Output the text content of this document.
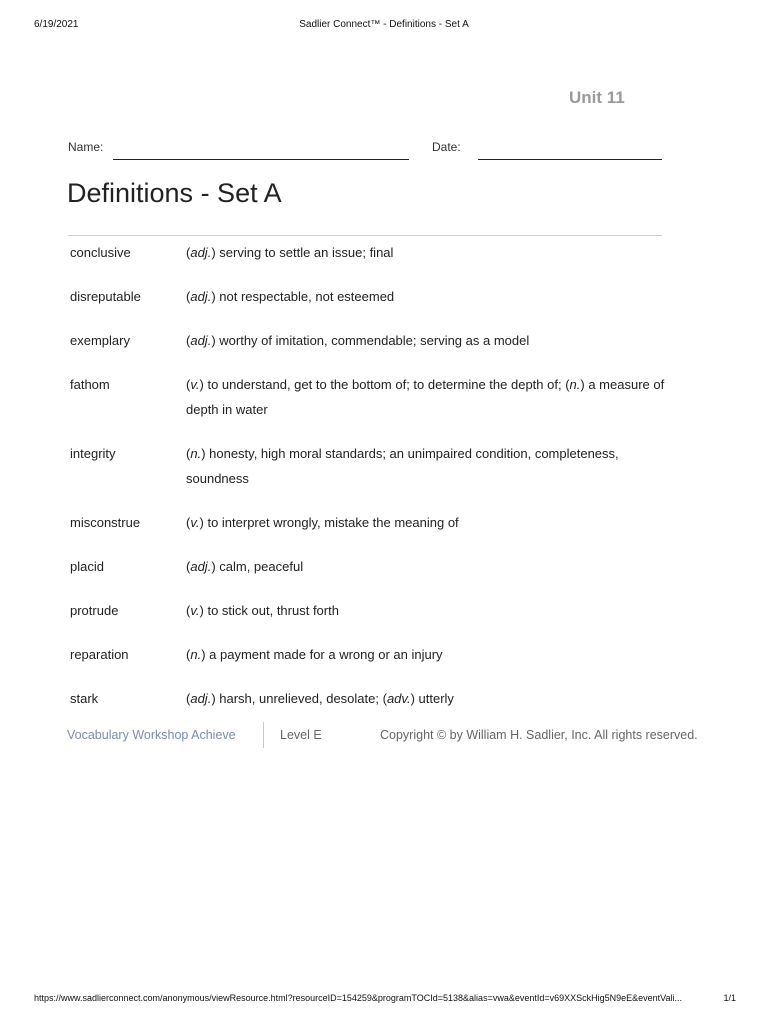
6/19/2021	Sadlier Connect™ - Definitions - Set A
Unit 11
Name:	Date:
Definitions - Set A
conclusive	(adj.) serving to settle an issue; final
disreputable	(adj.) not respectable, not esteemed
exemplary	(adj.) worthy of imitation, commendable; serving as a model
fathom	(v.) to understand, get to the bottom of; to determine the depth of; (n.) a measure of depth in water
integrity	(n.) honesty, high moral standards; an unimpaired condition, completeness, soundness
misconstrue	(v.) to interpret wrongly, mistake the meaning of
placid	(adj.) calm, peaceful
protrude	(v.) to stick out, thrust forth
reparation	(n.) a payment made for a wrong or an injury
stark	(adj.) harsh, unrelieved, desolate; (adv.) utterly
Vocabulary Workshop Achieve	Level E	Copyright © by William H. Sadlier, Inc. All rights reserved.
https://www.sadlierconnect.com/anonymous/viewResource.html?resourceID=154259&programTOCId=5138&alias=vwa&eventId=v69XXSckHig5N9eE&eventVali...	1/1
